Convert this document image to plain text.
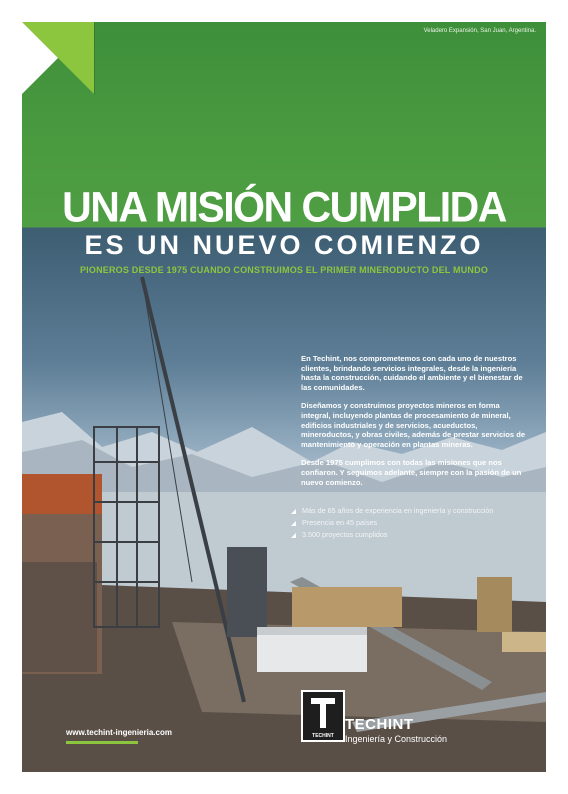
Veladero Expansión, San Juan, Argentina.
UNA MISIÓN CUMPLIDA
ES UN NUEVO COMIENZO
PIONEROS DESDE 1975 CUANDO CONSTRUIMOS EL PRIMER MINERODUCTO DEL MUNDO

En Techint, nos comprometemos con cada uno de nuestros clientes, brindando servicios integrales, desde la ingeniería hasta la construcción, cuidando el ambiente y el bienestar de las comunidades.

Diseñamos y construimos proyectos mineros en forma integral, incluyendo plantas de procesamiento de mineral, edificios industriales y de servicios, acueductos, mineroductos, y obras civiles, además de prestar servicios de mantenimiento y operación en plantas mineras.

Desde 1975 cumplimos con todas las misiones que nos confiaron. Y seguimos adelante, siempre con la pasión de un nuevo comienzo.

Más de 65 años de experiencia en ingeniería y construcción
Presencia en 45 países
3.500 proyectos cumplidos
www.techint-ingenieria.com	TECHINT
TECHINT
Ingeniería y Construcción
